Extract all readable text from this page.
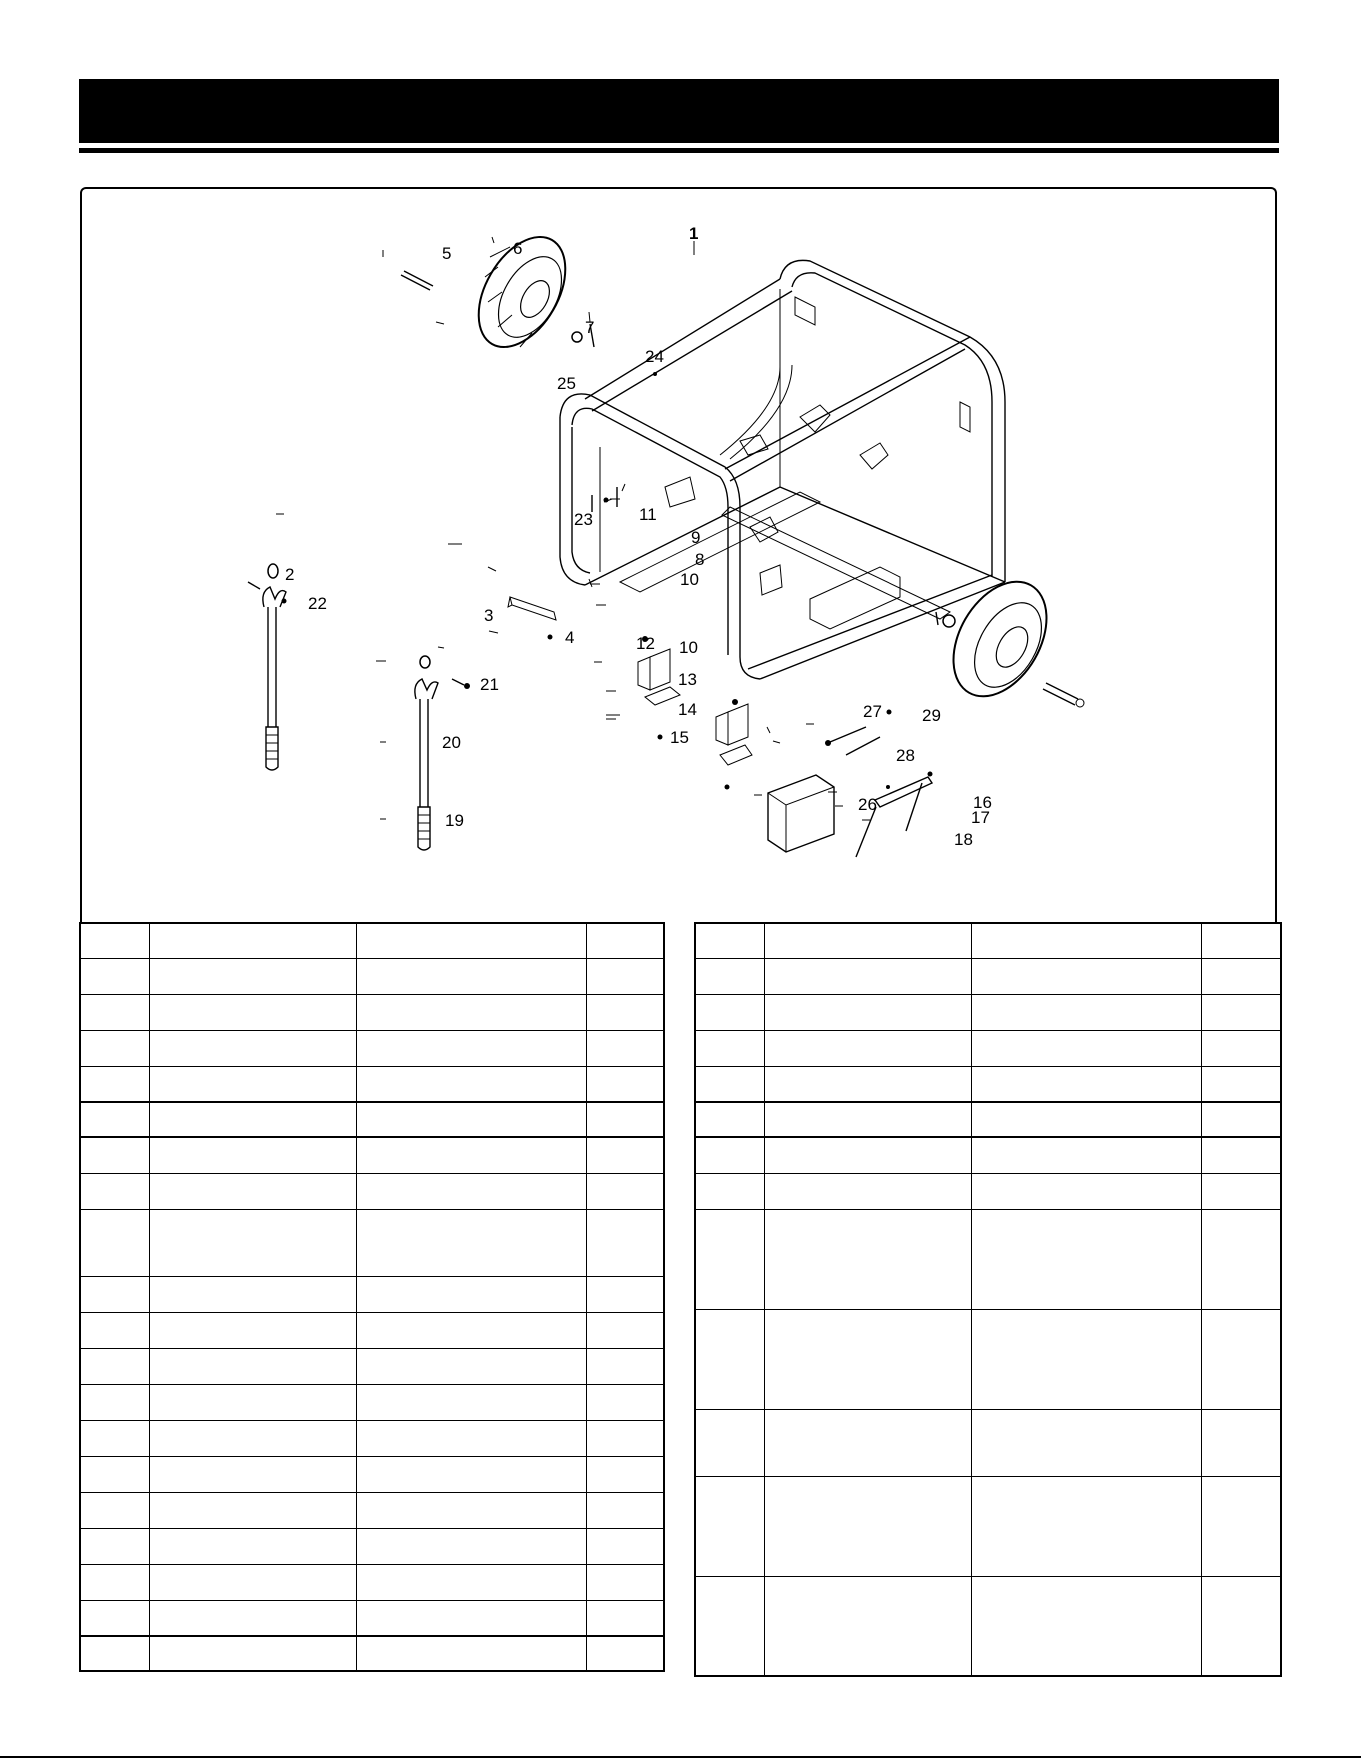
1
2
3
4
5	6
7
8
9
10
10
11
12
13
14
15
16
17
18
19
20
21
22
23
24
25
26
27
28
29
